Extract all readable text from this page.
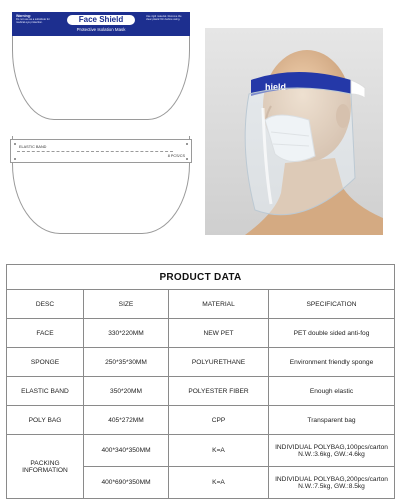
Warning:
Do not use as a substitute for medical eye protection.	Face Shield
Protective Isolation Mask
Use rigid material. Remove the clear plastic film before using.
ELASTIC BAND
8 PCS/CS
hield
PRODUCT DATA			
DESC	SIZE	MATERIAL	SPECIFICATION
FACE	330*220MM	NEW PET	PET double sided anti-fog
SPONGE	250*35*30MM	POLYURETHANE	Environment friendly sponge
ELASTIC BAND	350*20MM	POLYESTER FIBER	Enough elastic
POLY BAG	405*272MM	CPP	Transparent bag
PACKING INFORMATION	400*340*350MM	K=A	INDIVIDUAL POLYBAG,100pcs/carton N.W.:3.6kg, GW.:4.6kg
	400*690*350MM	K=A	INDIVIDUAL POLYBAG,200pcs/carton N.W.:7.5kg, GW.:8.5kg
